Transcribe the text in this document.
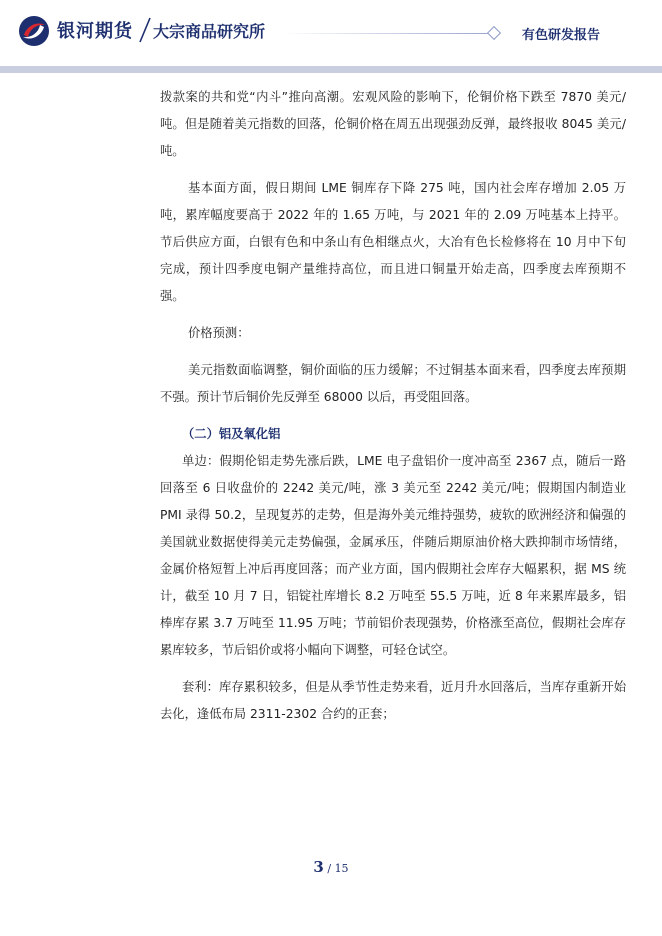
银河期货 大宗商品研究所	有色研发报告

拨款案的共和党“内斗”推向高潮。宏观风险的影响下，伦铜价格下跌至 7870 美元/吨。但是随着美元指数的回落，伦铜价格在周五出现强劲反弹，最终报收 8045 美元/吨。

基本面方面，假日期间 LME 铜库存下降 275 吨，国内社会库存增加 2.05 万吨，累库幅度要高于 2022 年的 1.65 万吨，与 2021 年的 2.09 万吨基本上持平。节后供应方面，白银有色和中条山有色相继点火，大冶有色长检修将在 10 月中下旬完成，预计四季度电铜产量维持高位，而且进口铜量开始走高，四季度去库预期不强。

价格预测：

美元指数面临调整，铜价面临的压力缓解；不过铜基本面来看，四季度去库预期不强。预计节后铜价先反弹至 68000 以后，再受阻回落。

（二）铝及氧化铝

单边：假期伦铝走势先涨后跌，LME 电子盘铝价一度冲高至 2367 点，随后一路回落至 6 日收盘价的 2242 美元/吨，涨 3 美元至 2242 美元/吨；假期国内制造业 PMI 录得 50.2，呈现复苏的走势，但是海外美元维持强势，疲软的欧洲经济和偏强的美国就业数据使得美元走势偏强，金属承压，伴随后期原油价格大跌抑制市场情绪，金属价格短暂上冲后再度回落；而产业方面，国内假期社会库存大幅累积，据 MS 统计，截至 10 月 7 日，铝锭社库增长 8.2 万吨至 55.5 万吨，近 8 年来累库最多，铝棒库存累 3.7 万吨至 11.95 万吨；节前铝价表现强势，价格涨至高位，假期社会库存累库较多，节后铝价或将小幅向下调整，可轻仓试空。

套利：库存累积较多，但是从季节性走势来看，近月升水回落后，当库存重新开始去化，逢低布局 2311-2302 合约的正套；

3 / 15
